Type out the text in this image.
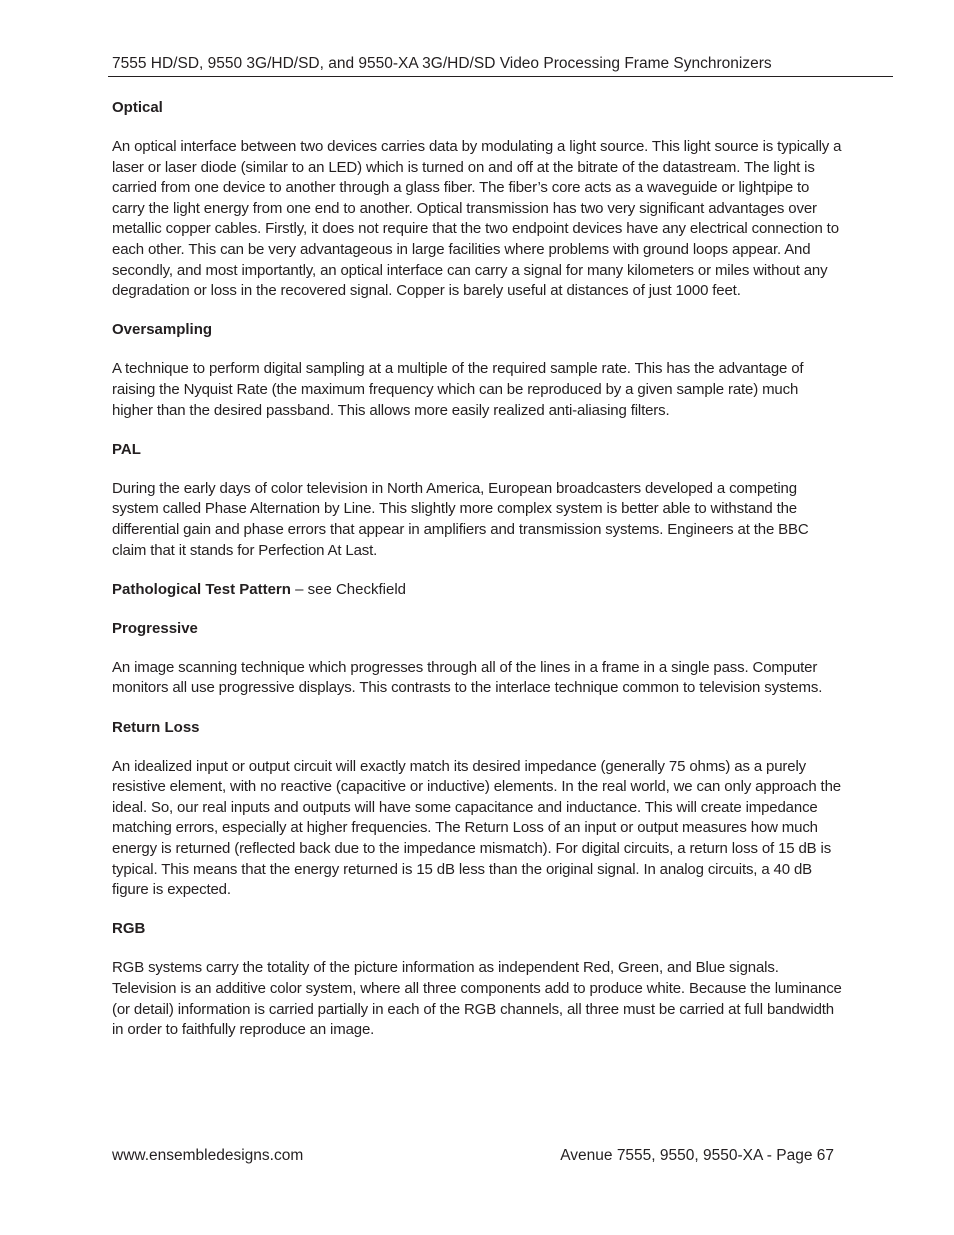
7555 HD/SD, 9550 3G/HD/SD, and 9550-XA 3G/HD/SD Video Processing Frame Synchronizers

Optical

An optical interface between two devices carries data by modulating a light source. This light source is typically a laser or laser diode (similar to an LED) which is turned on and off at the bitrate of the datastream. The light is carried from one device to another through a glass fiber. The fiber’s core acts as a waveguide or lightpipe to carry the light energy from one end to another. Optical transmission has two very significant advantages over metallic copper cables. Firstly, it does not require that the two endpoint devices have any electrical connection to each other. This can be very advantageous in large facilities where problems with ground loops appear. And secondly, and most importantly, an optical interface can carry a signal for many kilometers or miles without any degradation or loss in the recovered signal. Copper is barely useful at distances of just 1000 feet.

Oversampling

A technique to perform digital sampling at a multiple of the required sample rate. This has the advantage of raising the Nyquist Rate (the maximum frequency which can be reproduced by a given sample rate) much higher than the desired passband. This allows more easily realized anti-aliasing filters.

PAL

During the early days of color television in North America, European broadcasters developed a competing system called Phase Alternation by Line. This slightly more complex system is better able to withstand the differential gain and phase errors that appear in amplifiers and transmission systems. Engineers at the BBC claim that it stands for Perfection At Last.

Pathological Test Pattern – see Checkfield

Progressive

An image scanning technique which progresses through all of the lines in a frame in a single pass. Computer monitors all use progressive displays. This contrasts to the interlace technique common to television systems.

Return Loss

An idealized input or output circuit will exactly match its desired impedance (generally 75 ohms) as a purely resistive element, with no reactive (capacitive or inductive) elements. In the real world, we can only approach the ideal. So, our real inputs and outputs will have some capacitance and inductance. This will create impedance matching errors, especially at higher frequencies. The Return Loss of an input or output measures how much energy is returned (reflected back due to the impedance mismatch). For digital circuits, a return loss of 15 dB is typical. This means that the energy returned is 15 dB less than the original signal. In analog circuits, a 40 dB figure is expected.

RGB

RGB systems carry the totality of the picture information as independent Red, Green, and Blue signals. Television is an additive color system, where all three components add to produce white. Because the luminance (or detail) information is carried partially in each of the RGB channels, all three must be carried at full bandwidth in order to faithfully reproduce an image.

www.ensembledesigns.com	Avenue 7555, 9550, 9550-XA - Page 67
